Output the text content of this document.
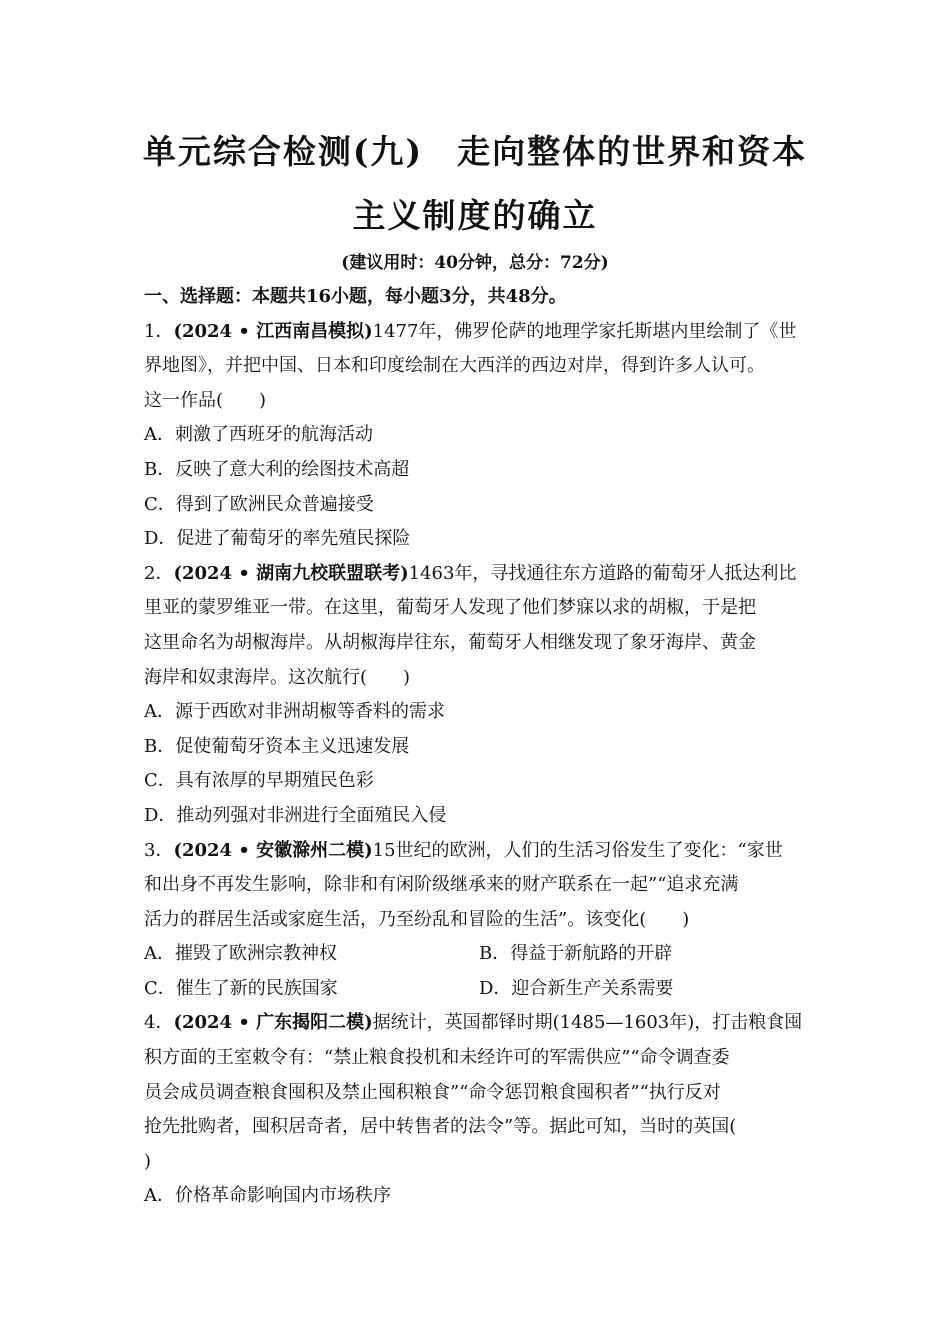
单元综合检测(九) 走向整体的世界和资本
主义制度的确立
(建议用时：40分钟，总分：72分)
一、选择题：本题共16小题，每小题3分，共48分。
1．(2024 • 江西南昌模拟)1477年，佛罗伦萨的地理学家托斯堪内里绘制了《世
界地图》，并把中国、日本和印度绘制在大西洋的西边对岸，得到许多人认可。
这一作品(　　)
A．刺激了西班牙的航海活动
B．反映了意大利的绘图技术高超
C．得到了欧洲民众普遍接受
D．促进了葡萄牙的率先殖民探险
2．(2024 • 湖南九校联盟联考)1463年，寻找通往东方道路的葡萄牙人抵达利比
里亚的蒙罗维亚一带。在这里，葡萄牙人发现了他们梦寐以求的胡椒，于是把
这里命名为胡椒海岸。从胡椒海岸往东，葡萄牙人相继发现了象牙海岸、黄金
海岸和奴隶海岸。这次航行(　　)
A．源于西欧对非洲胡椒等香料的需求
B．促使葡萄牙资本主义迅速发展
C．具有浓厚的早期殖民色彩
D．推动列强对非洲进行全面殖民入侵
3．(2024 • 安徽滁州二模)15世纪的欧洲，人们的生活习俗发生了变化：“家世
和出身不再发生影响，除非和有闲阶级继承来的财产联系在一起”“追求充满
活力的群居生活或家庭生活，乃至纷乱和冒险的生活”。该变化(　　)
A．摧毁了欧洲宗教神权	B．得益于新航路的开辟
C．催生了新的民族国家	D．迎合新生产关系需要
4．(2024 • 广东揭阳二模)据统计，英国都铎时期(1485—1603年)，打击粮食囤
积方面的王室敕令有：“禁止粮食投机和未经许可的军需供应”“命令调查委
员会成员调查粮食囤积及禁止囤积粮食”“命令惩罚粮食囤积者”“执行反对
抢先批购者，囤积居奇者，居中转售者的法令”等。据此可知，当时的英国(
)
A．价格革命影响国内市场秩序
